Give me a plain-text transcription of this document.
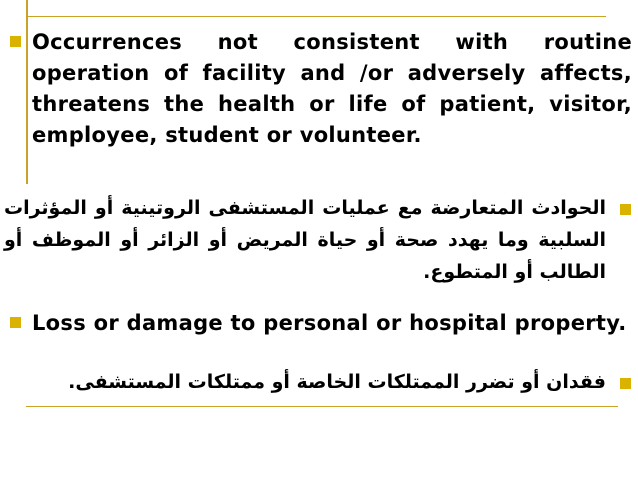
Occurrences not consistent with routine operation of facility and /or adversely affects, threatens the health or life of patient, visitor, employee, student or volunteer.
الحوادث المتعارضة مع عمليات المستشفى الروتينية أو المؤثرات السلبية وما يهدد صحة أو حياة المريض أو الزائر أو الموظف أو الطالب أو المتطوع.
Loss or damage to personal or hospital property.
فقدان أو تضرر الممتلكات الخاصة أو ممتلكات المستشفى.
